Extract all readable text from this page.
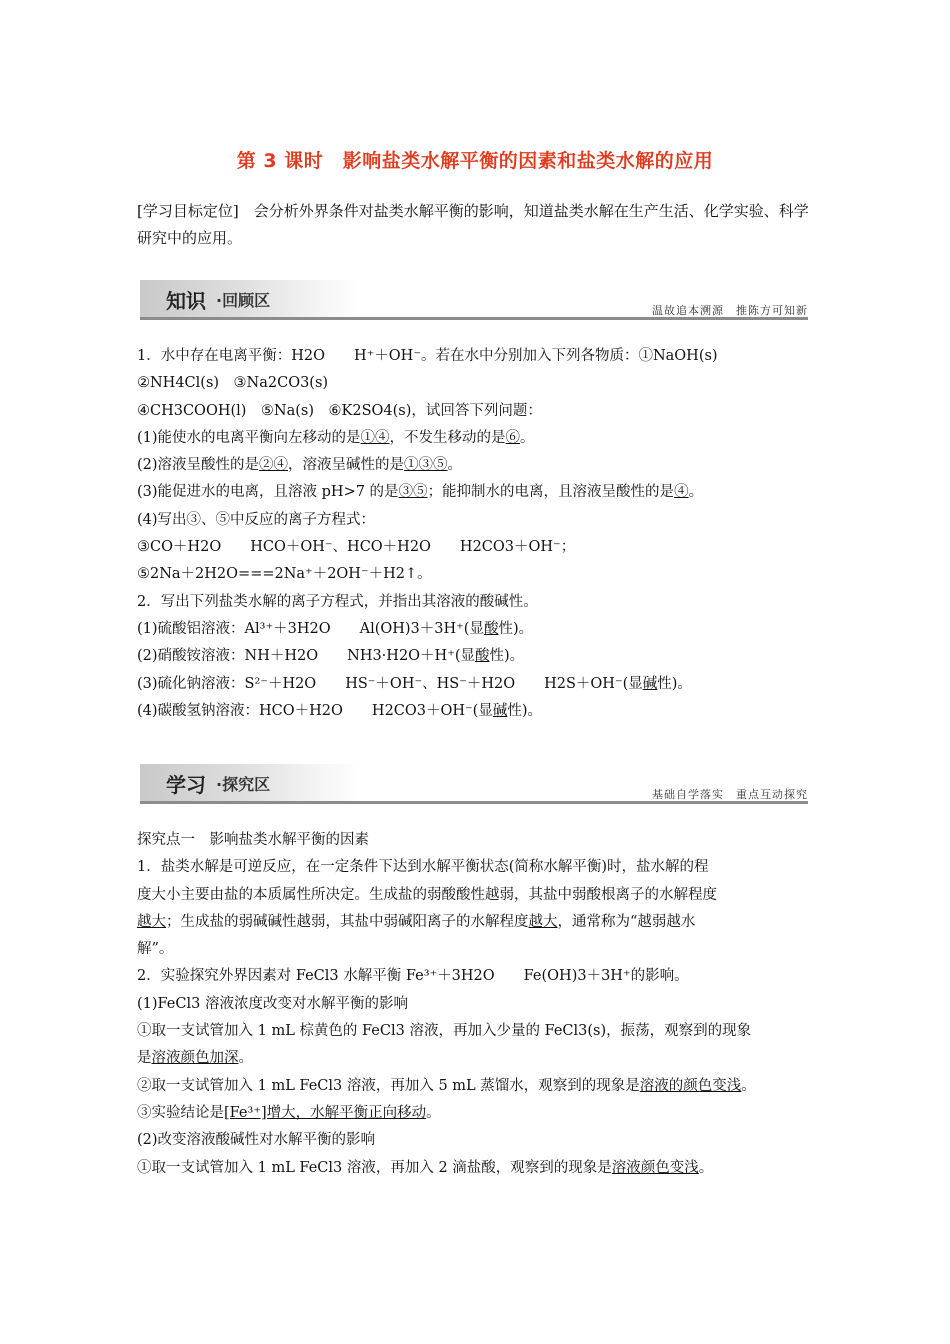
第 3 课时　影响盐类水解平衡的因素和盐类水解的应用
[学习目标定位]　 会分析外界条件对盐类水解平衡的影响，知道盐类水解在生产生活、化学实验、科学研究中的应用。
知识 ·回顾区
温故追本溯源　推陈方可知新
1．水中存在电离平衡：H2O　　H⁺＋OH⁻。若在水中分别加入下列各物质：①NaOH(s)
②NH4Cl(s)　③Na2CO3(s)
④CH3COOH(l)　⑤Na(s)　⑥K2SO4(s)，试回答下列问题：
(1)能使水的电离平衡向左移动的是①④，不发生移动的是⑥。
(2)溶液呈酸性的是②④，溶液呈碱性的是①③⑤。
(3)能促进水的电离，且溶液 pH>7 的是③⑤；能抑制水的电离，且溶液呈酸性的是④。
(4)写出③、⑤中反应的离子方程式：
③CO＋H2O　　HCO＋OH⁻、HCO＋H2O　　H2CO3＋OH⁻；
⑤2Na＋2H2O===2Na⁺＋2OH⁻＋H2↑。
2．写出下列盐类水解的离子方程式，并指出其溶液的酸碱性。
(1)硫酸铝溶液：Al³⁺＋3H2O　　Al(OH)3＋3H⁺(显酸性)。
(2)硝酸铵溶液：NH＋H2O　　NH3·H2O＋H⁺(显酸性)。
(3)硫化钠溶液：S²⁻＋H2O　　HS⁻＋OH⁻、HS⁻＋H2O　　H2S＋OH⁻(显碱性)。
(4)碳酸氢钠溶液：HCO＋H2O　　H2CO3＋OH⁻(显碱性)。
学习 ·探究区
基础自学落实　重点互动探究
探究点一　影响盐类水解平衡的因素
1．盐类水解是可逆反应，在一定条件下达到水解平衡状态(简称水解平衡)时，盐水解的程
度大小主要由盐的本质属性所决定。生成盐的弱酸酸性越弱，其盐中弱酸根离子的水解程度
越大；生成盐的弱碱碱性越弱，其盐中弱碱阳离子的水解程度越大，通常称为“越弱越水
解”。
2．实验探究外界因素对 FeCl3 水解平衡 Fe³⁺＋3H2O　　Fe(OH)3＋3H⁺的影响。
(1)FeCl3 溶液浓度改变对水解平衡的影响
①取一支试管加入 1 mL 棕黄色的 FeCl3 溶液，再加入少量的 FeCl3(s)，振荡，观察到的现象
是溶液颜色加深。
②取一支试管加入 1 mL FeCl3 溶液，再加入 5 mL 蒸馏水，观察到的现象是溶液的颜色变浅。
③实验结论是[Fe³⁺]增大，水解平衡正向移动。
(2)改变溶液酸碱性对水解平衡的影响
①取一支试管加入 1 mL FeCl3 溶液，再加入 2 滴盐酸，观察到的现象是溶液颜色变浅。
